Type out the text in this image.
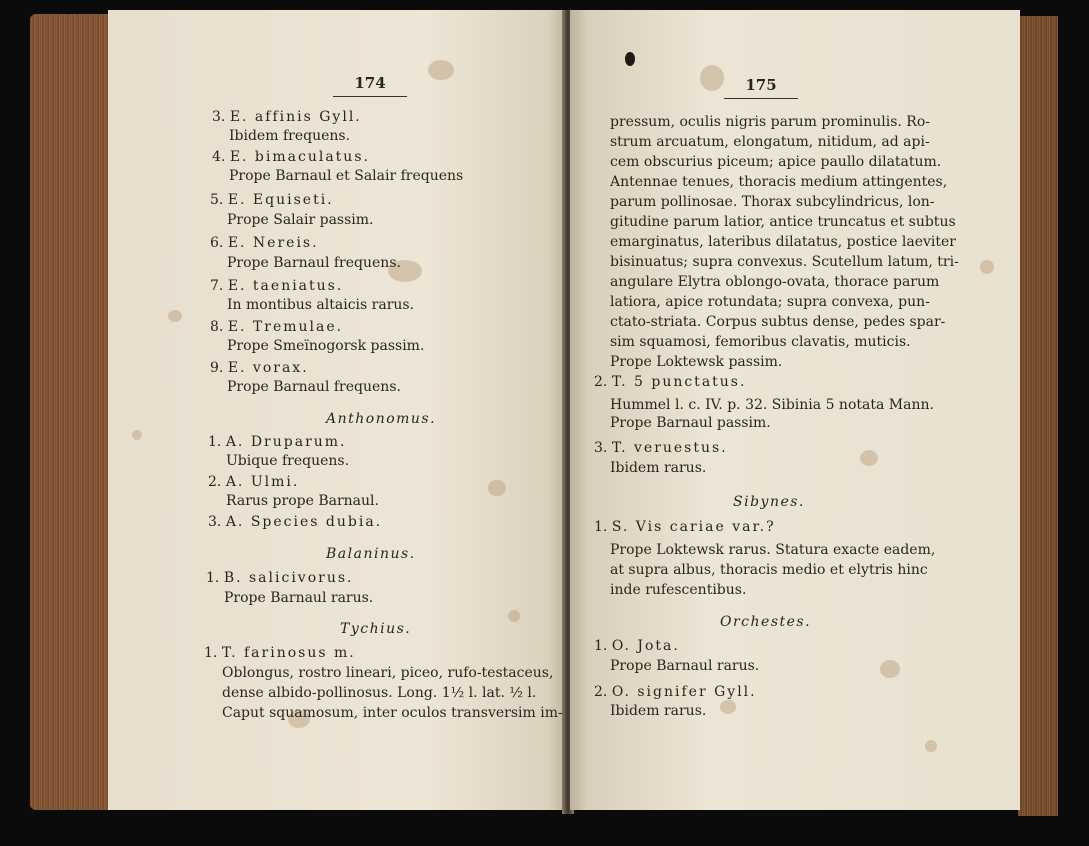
174	175
3. E. affinis Gyll.
Ibidem frequens.
4. E. bimaculatus.
Prope Barnaul et Salair frequens
5. E. Equiseti.
Prope Salair passim.
6. E. Nereis.
Prope Barnaul frequens.
7. E. taeniatus.
In montibus altaicis rarus.
8. E. Tremulae.
Prope Smeïnogorsk passim.
9. E. vorax.
Prope Barnaul frequens.
Anthonomus.
1. A. Druparum.
Ubique frequens.
2. A. Ulmi.
Rarus prope Barnaul.
3. A. Species dubia.
Balaninus.
1. B. salicivorus.
Prope Barnaul rarus.
Tychius.
1. T. farinosus m.
Oblongus, rostro lineari, piceo, rufo-testaceus,
dense albido-pollinosus. Long. 1½ l. lat. ½ l.
Caput squamosum, inter oculos transversim im-
pressum, oculis nigris parum prominulis. Ro-
strum arcuatum, elongatum, nitidum, ad api-
cem obscurius piceum; apice paullo dilatatum.
Antennae tenues, thoracis medium attingentes,
parum pollinosae. Thorax subcylindricus, lon-
gitudine parum latior, antice truncatus et subtus
emarginatus, lateribus dilatatus, postice laeviter
bisinuatus; supra convexus. Scutellum latum, tri-
angulare Elytra oblongo-ovata, thorace parum
latiora, apice rotundata; supra convexa, pun-
ctato-striata. Corpus subtus dense, pedes spar-
sim squamosi, femoribus clavatis, muticis.
Prope Loktewsk passim.
2. T. 5 punctatus.
Hummel l. c. IV. p. 32. Sibinia 5 notata Mann.
Prope Barnaul passim.
3. T. veruestus.
Ibidem rarus.
Sibynes.
1. S. Vis cariae var.?
Prope Loktewsk rarus. Statura exacte eadem,
at supra albus, thoracis medio et elytris hinc
inde rufescentibus.
Orchestes.
1. O. Jota.
Prope Barnaul rarus.
2. O. signifer Gyll.
Ibidem rarus.
